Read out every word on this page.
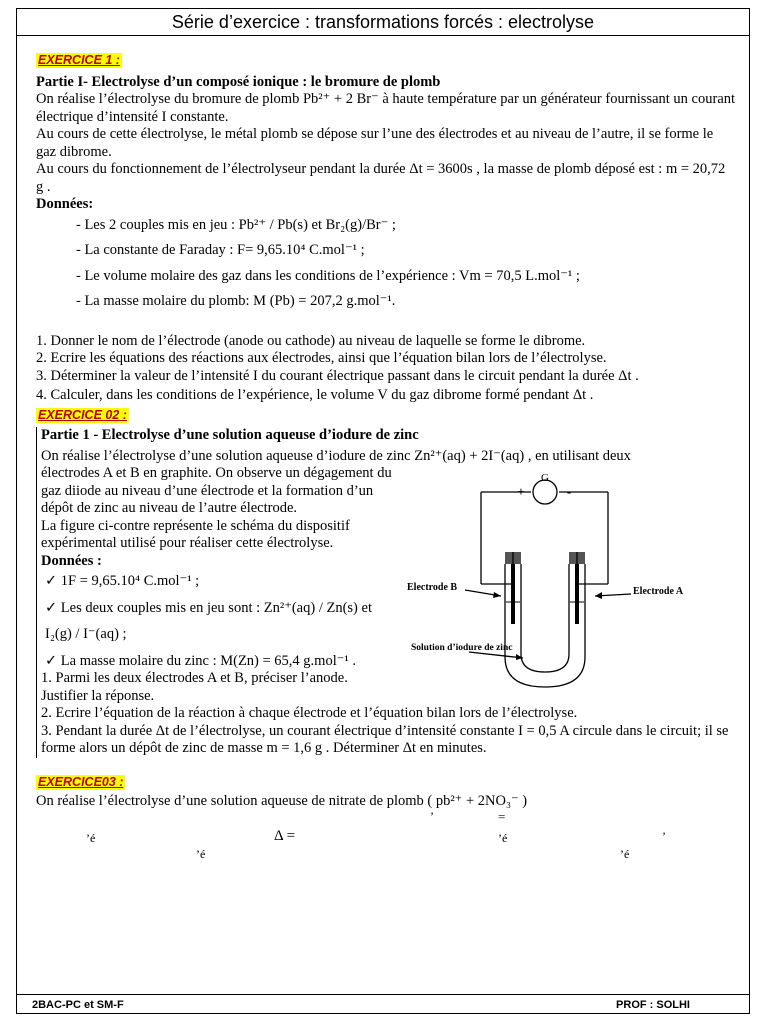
Série d’exercice : transformations forcés : electrolyse
EXERCICE 1 :

Partie I- Electrolyse d’un composé ionique : le bromure de plomb

On réalise l’électrolyse du bromure de plomb Pb²⁺ + 2 Br⁻ à haute température par un générateur fournissant un courant électrique d’intensité I constante.

Au cours de cette électrolyse, le métal plomb se dépose sur l’une des électrodes et au niveau de l’autre, il se forme le gaz dibrome.

Au cours du fonctionnement de l’électrolyseur pendant la durée Δt = 3600s , la masse de plomb déposé est : m = 20,72 g .

Données:

- Les 2 couples mis en jeu : Pb²⁺ / Pb(s) et Br₂(g)/Br⁻ ;

- La constante de Faraday : F= 9,65.10⁴ C.mol⁻¹ ;

- Le volume molaire des gaz dans les conditions de l’expérience : Vm = 70,5 L.mol⁻¹ ;

- La masse molaire du plomb: M (Pb) = 207,2 g.mol⁻¹.

1. Donner le nom de l’électrode (anode ou cathode) au niveau de laquelle se forme le dibrome.

2. Ecrire les équations des réactions aux électrodes, ainsi que l’équation bilan lors de l’électrolyse.

3. Déterminer la valeur de l’intensité I du courant électrique passant dans le circuit pendant la durée Δt .

4. Calculer, dans les conditions de l’expérience, le volume V du gaz dibrome formé pendant Δt .

EXERCICE 02 :

Partie 1 - Electrolyse d’une solution aqueuse d’iodure de zinc

On réalise l’électrolyse d’une solution aqueuse d’iodure de zinc Zn²⁺(aq) + 2I⁻(aq) , en utilisant deux

électrodes A et B en graphite. On observe un dégagement du gaz diiode au niveau d’une électrode et la formation d’un dépôt de zinc au niveau de l’autre électrode.

La figure ci-contre représente le schéma du dispositif expérimental utilisé pour réaliser cette électrolyse.

Données :

✓ 1F = 9,65.10⁴ C.mol⁻¹ ;

✓ Les deux couples mis en jeu sont : Zn²⁺(aq) / Zn(s) et

I₂(g) / I⁻(aq) ;

✓ La masse molaire du zinc : M(Zn) = 65,4 g.mol⁻¹ .

1. Parmi les deux électrodes A et B, préciser l’anode. Justifier la réponse.

2. Ecrire l’équation de la réaction à chaque électrode et l’équation bilan lors de l’électrolyse.

3. Pendant la durée Δt de l’électrolyse, un courant électrique d’intensité constante I = 0,5 A circule dans le circuit; il se forme alors un dépôt de zinc de masse m = 1,6 g . Déterminer Δt en minutes.

G
+	-
Electrode B	Electrode A
Solution d’iodure de zinc
EXERCICE03 :

On réalise l’électrolyse d’une solution aqueuse de nitrate de plomb ( pb²⁺ + 2NO₃⁻ )

’	=
’é	Δ =	’é	’
’é	’é
2BAC-PC et SM-F	PROF : SOLHI
